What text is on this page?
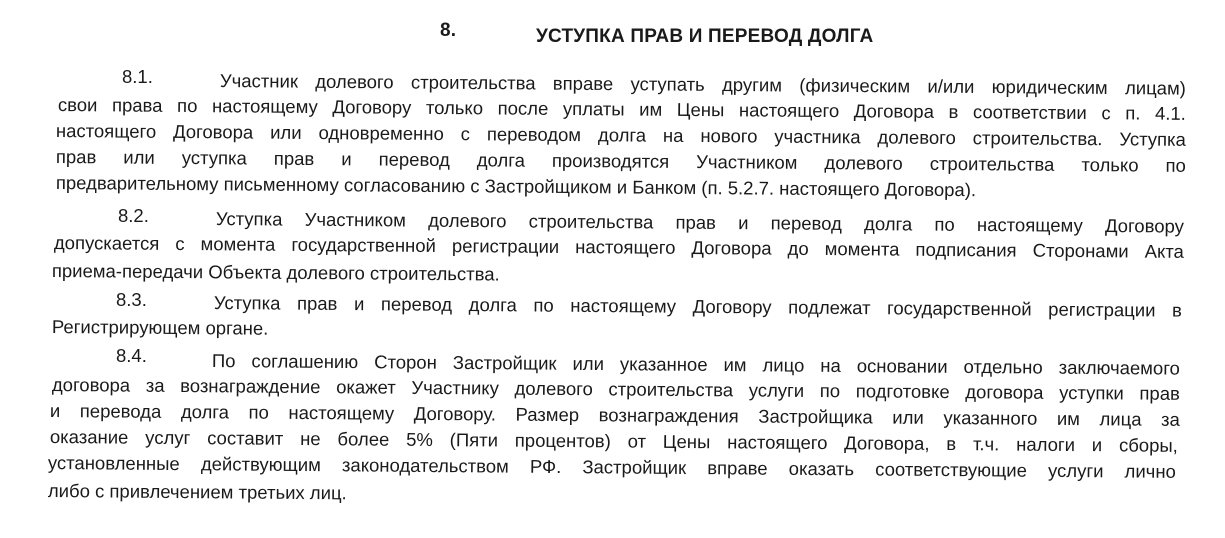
8.	УСТУПКА ПРАВ И ПЕРЕВОД ДОЛГА
8.1.	Участник долевого строительства вправе уступать другим (физическим и/или юридическим лицам)
свои права по настоящему Договору только после уплаты им Цены настоящего Договора в соответствии с п. 4.1.
настоящего Договора или одновременно с переводом долга на нового участника долевого строительства. Уступка
прав или уступка прав и перевод долга производятся Участником долевого строительства только по
предварительному письменному согласованию с Застройщиком и Банком (п. 5.2.7. настоящего Договора).
8.2.	Уступка Участником долевого строительства прав и перевод долга по настоящему Договору
допускается с момента государственной регистрации настоящего Договора до момента подписания Сторонами Акта
приема-передачи Объекта долевого строительства.
8.3.	Уступка прав и перевод долга по настоящему Договору подлежат государственной регистрации в
Регистрирующем органе.
8.4.	По соглашению Сторон Застройщик или указанное им лицо на основании отдельно заключаемого
договора за вознаграждение окажет Участнику долевого строительства услуги по подготовке договора уступки прав
и перевода долга по настоящему Договору. Размер вознаграждения Застройщика или указанного им лица за
оказание услуг составит не более 5% (Пяти процентов) от Цены настоящего Договора, в т.ч. налоги и сборы,
установленные действующим законодательством РФ. Застройщик вправе оказать соответствующие услуги лично
либо с привлечением третьих лиц.
